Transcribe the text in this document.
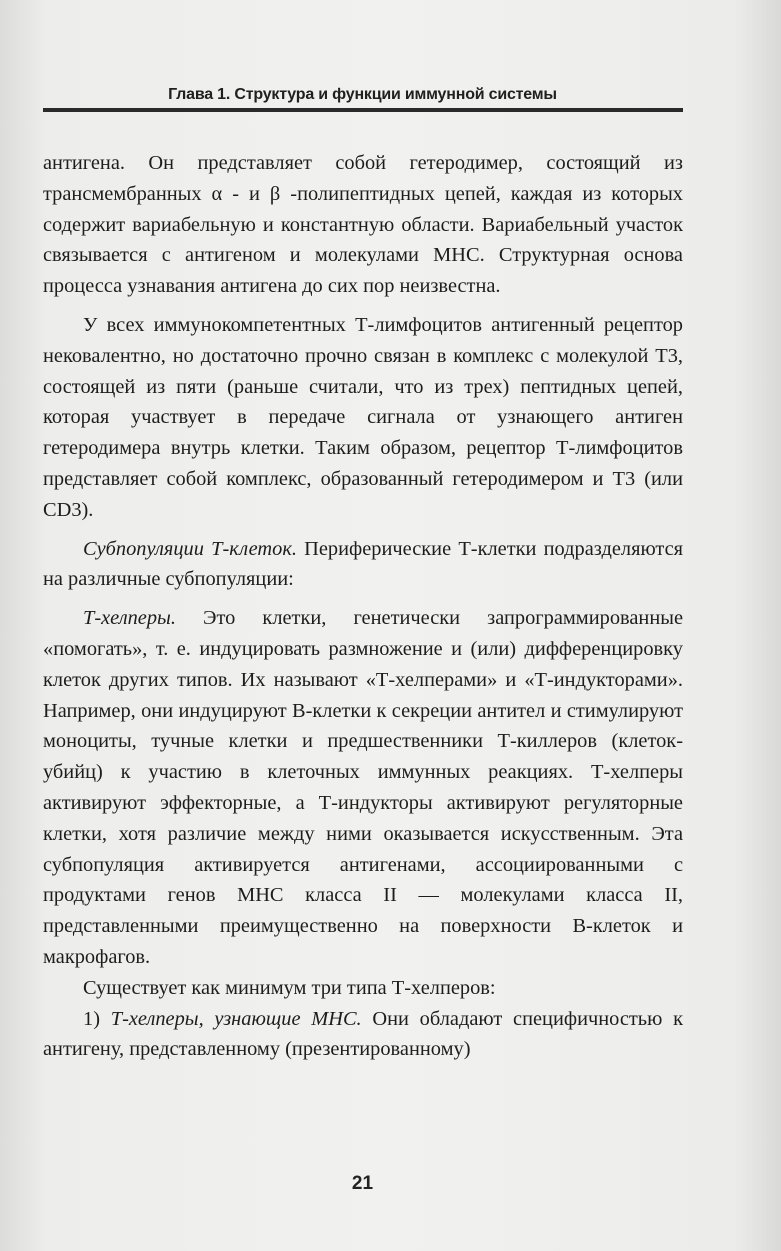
Глава 1. Структура и функции иммунной системы

антигена. Он представляет собой гетеродимер, состоящий из трансмембранных α - и β -полипептидных цепей, каждая из которых содержит вариабельную и константную области. Вариабельный участок связывается с антигеном и молекулами МНС. Структурная основа процесса узнавания антигена до сих пор неизвестна.

У всех иммунокомпетентных Т-лимфоцитов антигенный рецептор нековалентно, но достаточно прочно связан в комплекс с молекулой Т3, состоящей из пяти (раньше считали, что из трех) пептидных цепей, которая участвует в передаче сигнала от узнающего антиген гетеродимера внутрь клетки. Таким образом, рецептор Т-лимфоцитов представляет собой комплекс, образованный гетеродимером и Т3 (или CD3).

Субпопуляции Т-клеток. Периферические Т-клетки подразделяются на различные субпопуляции:

Т-хелперы. Это клетки, генетически запрограммированные «помогать», т. е. индуцировать размножение и (или) дифференцировку клеток других типов. Их называют «Т-хелперами» и «Т-индукторами». Например, они индуцируют В-клетки к секреции антител и стимулируют моноциты, тучные клетки и предшественники Т-киллеров (клеток-убийц) к участию в клеточных иммунных реакциях. Т-хелперы активируют эффекторные, а Т-индукторы активируют регуляторные клетки, хотя различие между ними оказывается искусственным. Эта субпопуляция активируется антигенами, ассоциированными с продуктами генов МНС класса II — молекулами класса II, представленными преимущественно на поверхности В-клеток и макрофагов.

Существует как минимум три типа Т-хелперов:

1) Т-хелперы, узнающие МНС. Они обладают специфичностью к антигену, представленному (презентированному)

21
